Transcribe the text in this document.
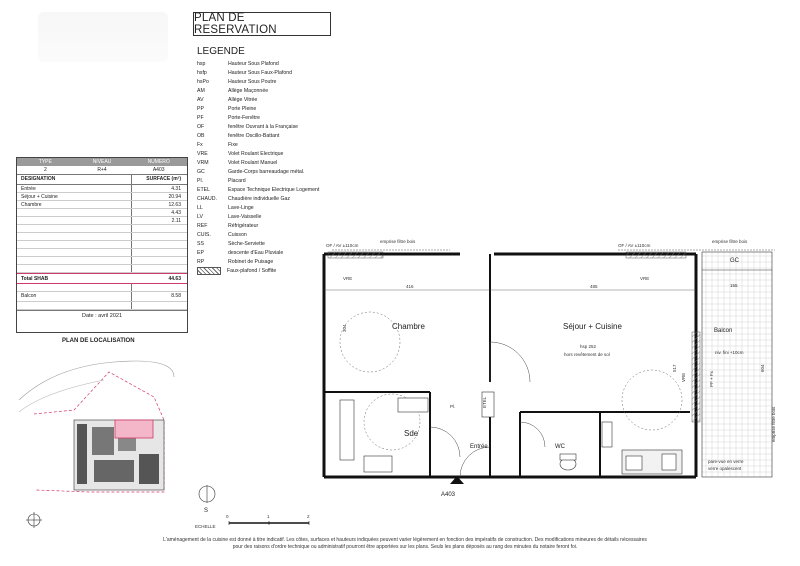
PLAN DE RESERVATION
LEGENDE
hsp	Hauteur Sous Plafond
hsfp	Hauteur Sous Faux-Plafond
hsPo	Hauteur Sous Poutre
AM	Allège Maçonnée
AV	Allège Vitrée
PP	Porte Pleine
PF	Porte-Fenêtre
OF	fenêtre Ouvrant à la Française
OB	fenêtre Oscillo-Battant
Fx	Fixe
VRE	Volet Roulant Electrique
VRM	Volet Roulant Manuel
GC	Garde-Corps barreaudage métal.
Pl.	Placard
ETEL	Espace Technique Electrique Logement
CHAUD.	Chaudière individuelle Gaz
LL	Lave-Linge
LV	Lave-Vaisselle
REF	Réfrigérateur
CUIS.	Cuisson
SS	Sèche-Serviette
EP	descente d'Eau Pluviale
RP	Robinet de Puisage
Faux-plafond / Soffite
TYPE	NIVEAU	NUMERO
2	R+4	A403
DESIGNATION	SURFACE (m²)
Entrée	4.31
Séjour + Cuisine	20.94
Chambre	12.63
4.43
2.11
Total SHAB	44.63
Balcon	8.58
Date : avril 2021
PLAN DE LOCALISATION
OF / AV ±110cm
emprise filtre bois
OF / AV ±110cm
emprise filtre bois
GC
155
VRE	VRE
416	485
304
517	604
VRE
Balcon
niv. fini +10cm
PF + Fx
emprise filtre bois
pare-vue en verre
verre opalescent
Chambre	Séjour + Cuisine
hsp 252
hors revêtement de sol
Pl.	ETEL
Sde
Entrée	WC
A403
S
ECHELLE
0	1	2
L'aménagement de la cuisine est donné à titre indicatif. Les côtes, surfaces et hauteurs indiquées peuvent varier légèrement en fonction des impératifs de construction. Des modifications mineures de détails nécessaires
pour des raisons d'ordre technique ou administratif pourront être apportées sur les plans. Seuls les plans déposés au rang des minutes du notaire feront foi.
